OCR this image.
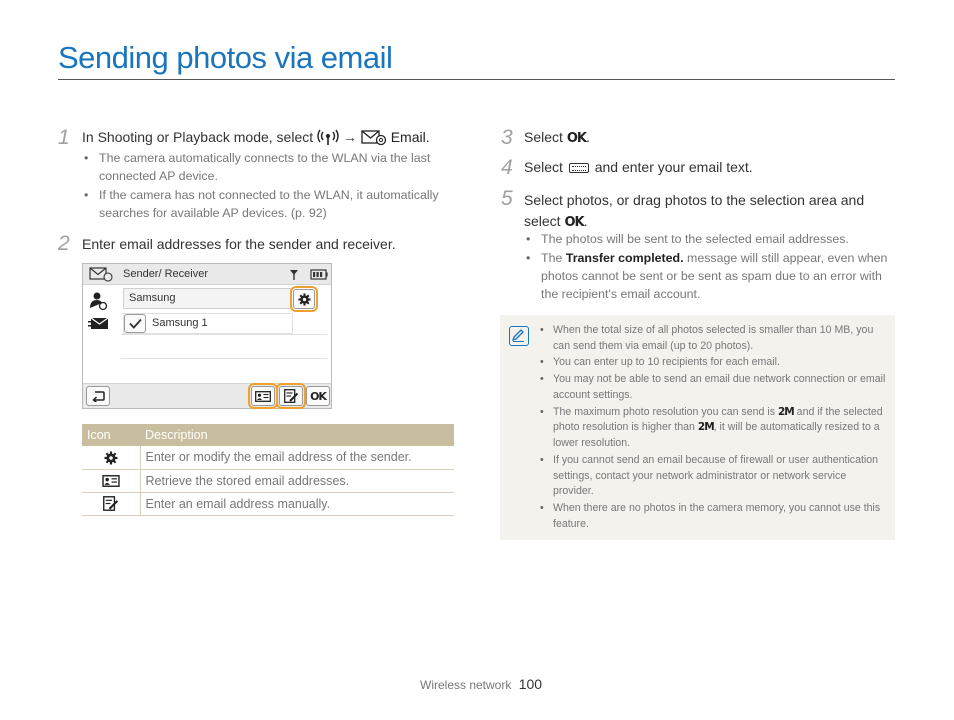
Sending photos via email
1 In Shooting or Playback mode, select → Email.
• The camera automatically connects to the WLAN via the last connected AP device.
• If the camera has not connected to the WLAN, it automatically searches for available AP devices. (p. 92)
2 Enter email addresses for the sender and receiver.
Sender/ Receiver
Samsung
Samsung 1
OK
Icon	Description
	Enter or modify the email address of the sender.
	Retrieve the stored email addresses.
	Enter an email address manually.
3 Select OK.
4 Select and enter your email text.
5 Select photos, or drag photos to the selection area and select OK.
• The photos will be sent to the selected email addresses.
• The Transfer completed. message will still appear, even when photos cannot be sent or be sent as spam due to an error with the recipient's email account.
• When the total size of all photos selected is smaller than 10 MB, you can send them via email (up to 20 photos).
• You can enter up to 10 recipients for each email.
• You may not be able to send an email due network connection or email account settings.
• The maximum photo resolution you can send is 2M and if the selected photo resolution is higher than 2M, it will be automatically resized to a lower resolution.
• If you cannot send an email because of firewall or user authentication settings, contact your network administrator or network service provider.
• When there are no photos in the camera memory, you cannot use this feature.
Wireless network 100
